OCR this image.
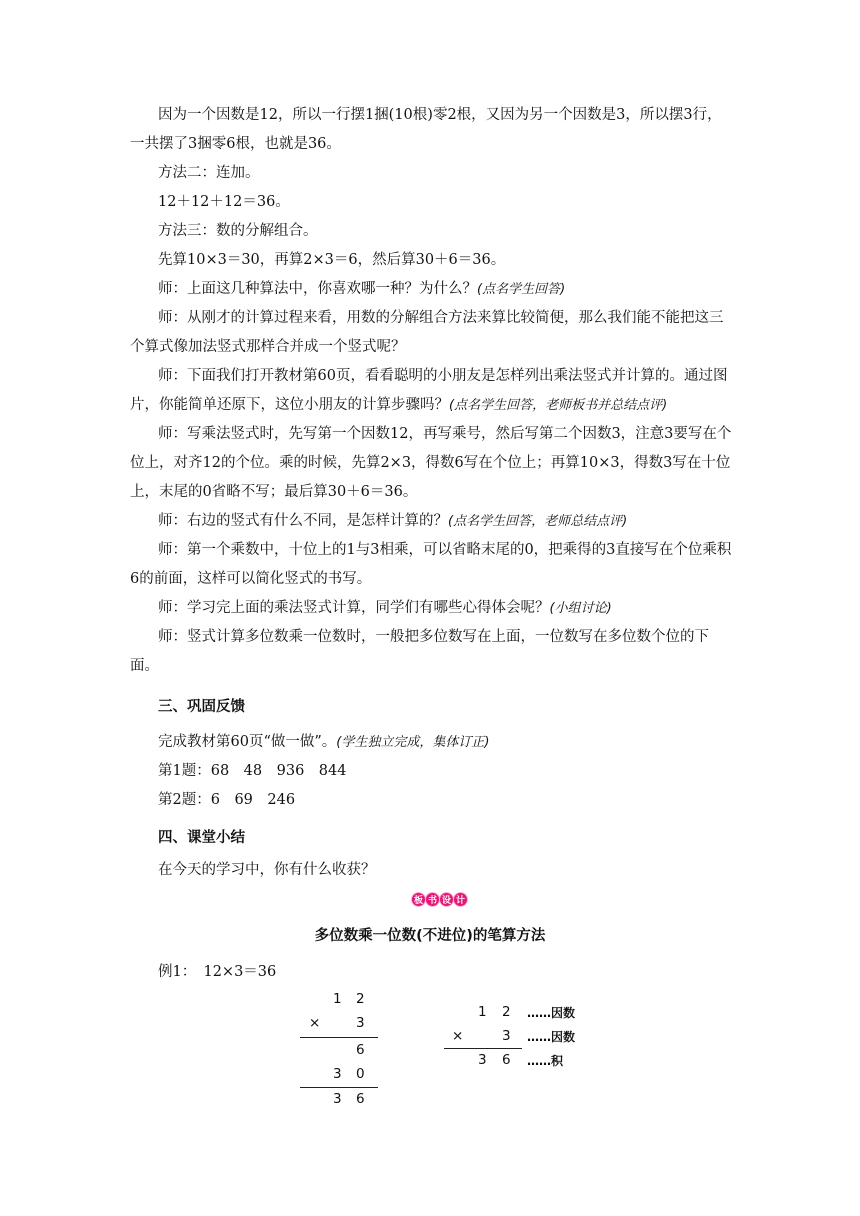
因为一个因数是12，所以一行摆1捆(10根)零2根，又因为另一个因数是3，所以摆3行，一共摆了3捆零6根，也就是36。

方法二：连加。

12＋12＋12＝36。

方法三：数的分解组合。

先算10×3＝30，再算2×3＝6，然后算30＋6＝36。

师：上面这几种算法中，你喜欢哪一种？为什么？(点名学生回答)

师：从刚才的计算过程来看，用数的分解组合方法来算比较简便，那么我们能不能把这三个算式像加法竖式那样合并成一个竖式呢？

师：下面我们打开教材第60页，看看聪明的小朋友是怎样列出乘法竖式并计算的。通过图片，你能简单还原下，这位小朋友的计算步骤吗？(点名学生回答，老师板书并总结点评)

师：写乘法竖式时，先写第一个因数12，再写乘号，然后写第二个因数3，注意3要写在个位上，对齐12的个位。乘的时候，先算2×3，得数6写在个位上；再算10×3，得数3写在十位上，末尾的0省略不写；最后算30＋6＝36。

师：右边的竖式有什么不同，是怎样计算的？(点名学生回答，老师总结点评)

师：第一个乘数中，十位上的1与3相乘，可以省略末尾的0，把乘得的3直接写在个位乘积6的前面，这样可以简化竖式的书写。

师：学习完上面的乘法竖式计算，同学们有哪些心得体会呢？(小组讨论)

师：竖式计算多位数乘一位数时，一般把多位数写在上面，一位数写在多位数个位的下面。

三、巩固反馈

完成教材第60页“做一做”。(学生独立完成，集体订正)

第1题：68　48　936　844

第2题：6　69　246

四、课堂小结

在今天的学习中，你有什么收获？

板 书 设 计
多位数乘一位数(不进位)的笔算方法
例1：　12×3＝36
1 2
×	3
6
3 0
3 6
1 2 ……因数
×	3 ……因数
3 6 ……积
